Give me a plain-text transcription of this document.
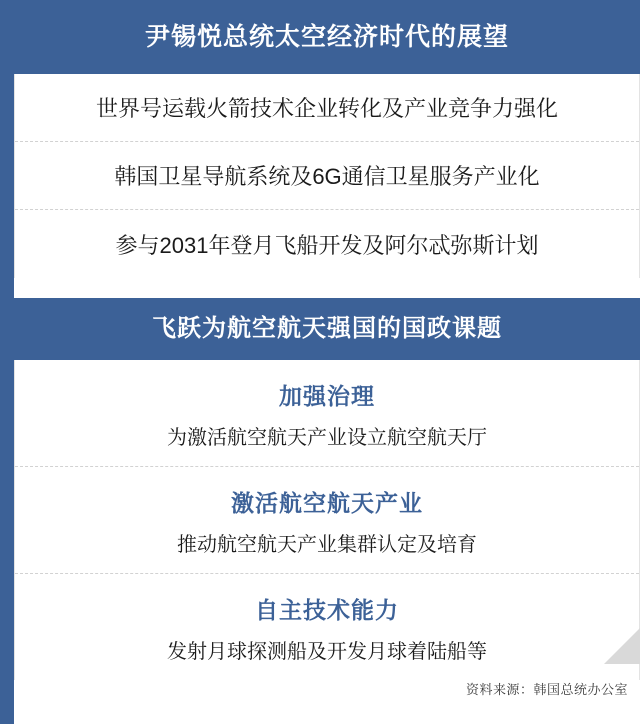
尹锡悦总统太空经济时代的展望
世界号运载火箭技术企业转化及产业竞争力强化
韩国卫星导航系统及6G通信卫星服务产业化
参与2031年登月飞船开发及阿尔忒弥斯计划
飞跃为航空航天强国的国政课题
加强治理
为激活航空航天产业设立航空航天厅
激活航空航天产业
推动航空航天产业集群认定及培育
自主技术能力
发射月球探测船及开发月球着陆船等
资料来源：韩国总统办公室
